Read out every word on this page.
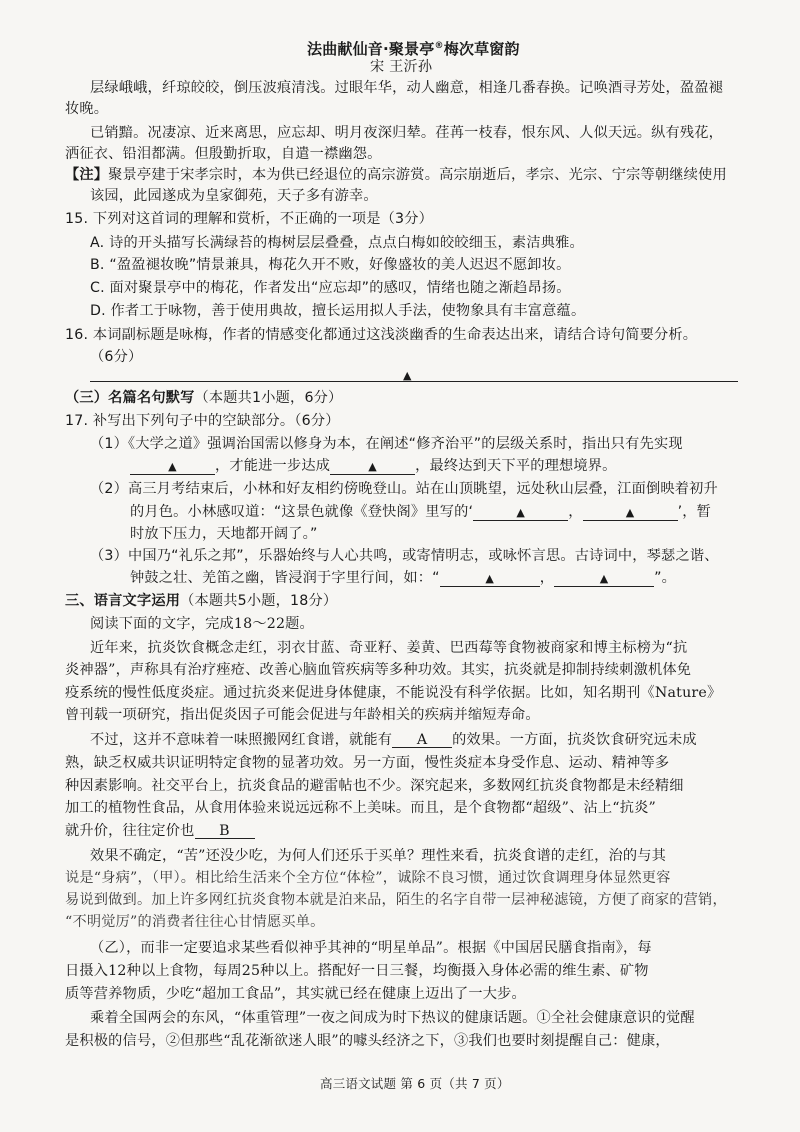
法曲献仙音·聚景亭®梅次草窗韵
宋 王沂孙
层绿峨峨，纤琼皎皎，倒压波痕清浅。过眼年华，动人幽意，相逢几番春换。记唤酒寻芳处，盈盈褪
妆晚。
已销黯。况凄凉、近来离思，应忘却、明月夜深归辇。荏苒一枝春，恨东风、人似天远。纵有残花，
洒征衣、铅泪都满。但殷勤折取，自遣一襟幽怨。
【注】聚景亭建于宋孝宗时，本为供已经退位的高宗游赏。高宗崩逝后，孝宗、光宗、宁宗等朝继续使用
该园，此园遂成为皇家御苑，天子多有游幸。
15. 下列对这首词的理解和赏析，不正确的一项是（3分）
A. 诗的开头描写长满绿苔的梅树层层叠叠，点点白梅如皎皎细玉，素洁典雅。
B. “盈盈褪妆晚”情景兼具，梅花久开不败，好像盛妆的美人迟迟不愿卸妆。
C. 面对聚景亭中的梅花，作者发出“应忘却”的感叹，情绪也随之渐趋昂扬。
D. 作者工于咏物，善于使用典故，擅长运用拟人手法，使物象具有丰富意蕴。
16. 本词副标题是咏梅，作者的情感变化都通过这浅淡幽香的生命表达出来，请结合诗句简要分析。
（6分）
▲
（三）名篇名句默写（本题共1小题，6分）
17. 补写出下列句子中的空缺部分。（6分）
（1）《大学之道》强调治国需以修身为本，在阐述“修齐治平”的层级关系时，指出只有先实现
▲	，才能进一步达成	▲	，最终达到天下平的理想境界。
（2）高三月考结束后，小林和好友相约傍晚登山。站在山顶眺望，远处秋山层叠，江面倒映着初升
的月色。小林感叹道：“这景色就像《登快阁》里写的‘	▲	，	▲	’，暂
时放下压力，天地都开阔了。”
（3）中国乃“礼乐之邦”，乐器始终与人心共鸣，或寄情明志，或咏怀言思。古诗词中，琴瑟之谐、
钟鼓之壮、羌笛之幽，皆浸润于字里行间，如：“	▲	，	▲	”。
三、语言文字运用（本题共5小题，18分）
阅读下面的文字，完成18～22题。
近年来，抗炎饮食概念走红，羽衣甘蓝、奇亚籽、姜黄、巴西莓等食物被商家和博主标榜为“抗
炎神器”，声称具有治疗痤疮、改善心脑血管疾病等多种功效。其实，抗炎就是抑制持续刺激机体免
疫系统的慢性低度炎症。通过抗炎来促进身体健康，不能说没有科学依据。比如，知名期刊《Nature》
曾刊载一项研究，指出促炎因子可能会促进与年龄相关的疾病并缩短寿命。
不过，这并不意味着一味照搬网红食谱，就能有 A 的效果。一方面，抗炎饮食研究远未成
熟，缺乏权威共识证明特定食物的显著功效。另一方面，慢性炎症本身受作息、运动、精神等多
种因素影响。社交平台上，抗炎食品的避雷帖也不少。深究起来，多数网红抗炎食物都是未经精细
加工的植物性食品，从食用体验来说远远称不上美味。而且，是个食物都“超级”、沾上“抗炎”
就升价，往往定价也 B
效果不确定，“苦”还没少吃，为何人们还乐于买单？理性来看，抗炎食谱的走红，治的与其
说是“身病”，（甲）。相比给生活来个全方位“体检”，诚除不良习惯，通过饮食调理身体显然更容
易说到做到。加上许多网红抗炎食物本就是泊来品，陌生的名字自带一层神秘滤镜，方便了商家的营销，
“不明觉厉”的消费者往往心甘情愿买单。
（乙），而非一定要追求某些看似神乎其神的“明星单品”。根据《中国居民膳食指南》，每
日摄入12种以上食物，每周25种以上。搭配好一日三餐，均衡摄入身体必需的维生素、矿物
质等营养物质，少吃“超加工食品”，其实就已经在健康上迈出了一大步。
乘着全国两会的东风，“体重管理”一夜之间成为时下热议的健康话题。①全社会健康意识的觉醒
是积极的信号，②但那些“乱花渐欲迷人眼”的噱头经济之下，③我们也要时刻提醒自己：健康，
高三语文试题 第 6 页（共 7 页）
